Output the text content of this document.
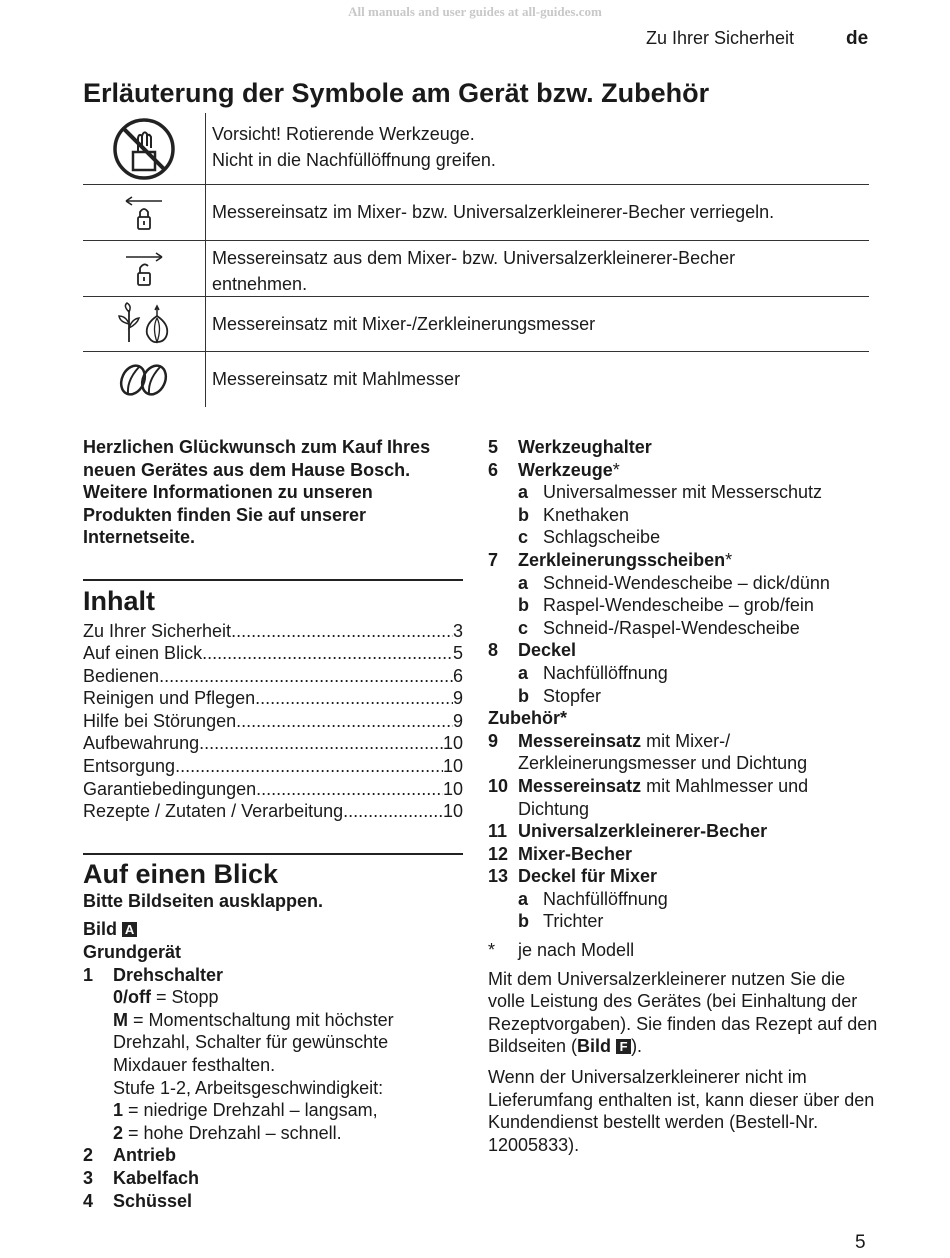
All manuals and user guides at all-guides.com
Zu Ihrer Sicherheit	de
Erläuterung der Symbole am Gerät bzw. Zubehör
Vorsicht! Rotierende Werkzeuge.
Nicht in die Nachfüllöffnung greifen.
Messereinsatz im Mixer- bzw. Universalzerkleinerer-Becher verriegeln.
Messereinsatz aus dem Mixer- bzw. Universalzerkleinerer-Becher
entnehmen.
Messereinsatz mit Mixer-/Zerkleinerungsmesser
Messereinsatz mit Mahlmesser
Herzlichen Glückwunsch zum Kauf Ihres neuen Gerätes aus dem Hause Bosch. Weitere Informationen zu unseren Produkten finden Sie auf unserer Internetseite.
Inhalt
Zu Ihrer Sicherheit .....	3
Auf einen Blick .....	5
Bedienen .....	6
Reinigen und Pflegen .....	9
Hilfe bei Störungen .....	9
Aufbewahrung .....	10
Entsorgung .....	10
Garantiebedingungen .....	10
Rezepte / Zutaten / Verarbeitung .....	10
Auf einen Blick
Bitte Bildseiten ausklappen.
Bild A
Grundgerät
1	Drehschalter
0/off = Stopp
M = Momentschaltung mit höchster Drehzahl, Schalter für gewünschte Mixdauer festhalten.
Stufe 1-2, Arbeitsgeschwindigkeit:
1 = niedrige Drehzahl – langsam,
2 = hohe Drehzahl – schnell.
2	Antrieb
3	Kabelfach
4	Schüssel
5	Werkzeughalter
6	Werkzeuge*
a Universalmesser mit Messerschutz
b Knethaken
c Schlagscheibe
7	Zerkleinerungsscheiben*
a Schneid-Wendescheibe – dick/dünn
b Raspel-Wendescheibe – grob/fein
c Schneid-/Raspel-Wendescheibe
8	Deckel
a Nachfüllöffnung
b Stopfer
Zubehör*
9	Messereinsatz mit Mixer-/ Zerkleinerungsmesser und Dichtung
10 Messereinsatz mit Mahlmesser und Dichtung
11 Universalzerkleinerer-Becher
12 Mixer-Becher
13 Deckel für Mixer
a Nachfüllöffnung
b Trichter
*	je nach Modell
Mit dem Universalzerkleinerer nutzen Sie die volle Leistung des Gerätes (bei Einhaltung der Rezeptvorgaben). Sie finden das Rezept auf den Bildseiten (Bild F ).
Wenn der Universalzerkleinerer nicht im Lieferumfang enthalten ist, kann dieser über den Kundendienst bestellt werden (Bestell-Nr. 12005833).
5
